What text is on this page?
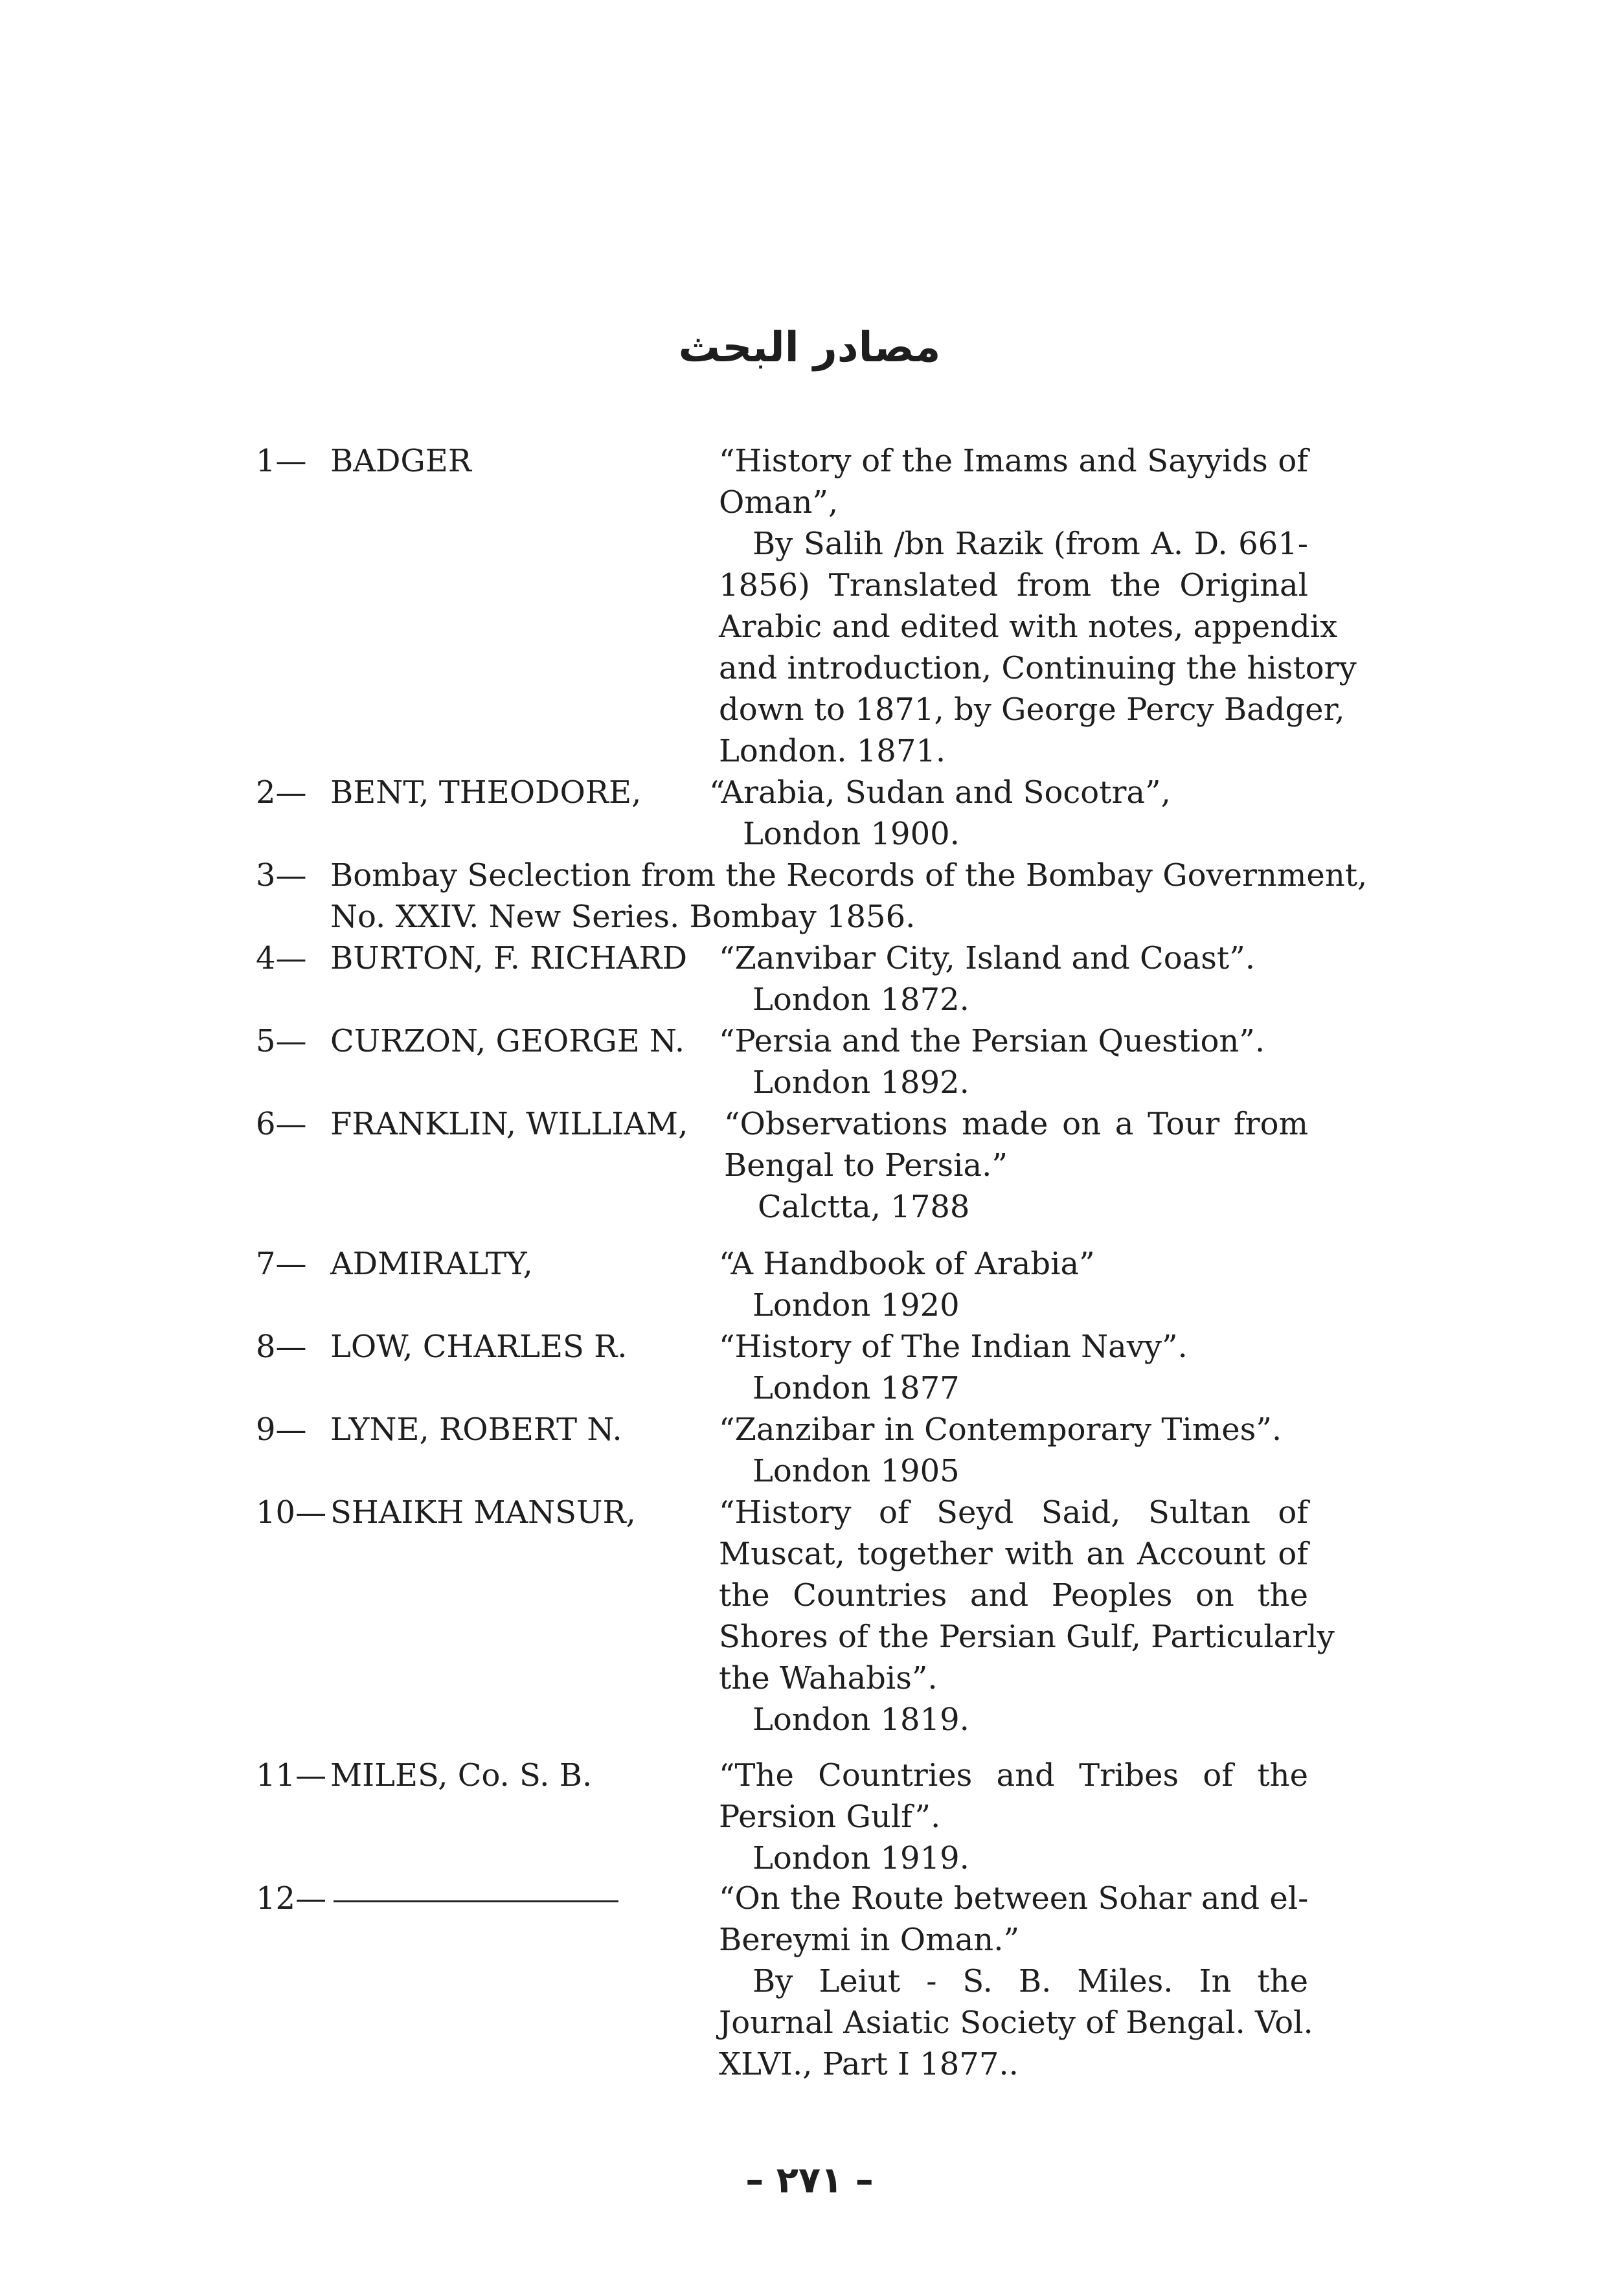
مصادر البحث
1— BADGER	“History of the Imams and Sayyids of
Oman”,
By Salih /bn Razik (from A. D. 661-
1856) Translated from the Original
Arabic and edited with notes, appendix
and introduction, Continuing the history
down to 1871, by George Percy Badger,
London. 1871.
2— BENT, THEODORE, “Arabia, Sudan and Socotra”,
London 1900.
3— Bombay Seclection from the Records of the Bombay Government,
No. XXIV. New Series. Bombay 1856.
4— BURTON, F. RICHARD “Zanvibar City, Island and Coast”.
London 1872.
5— CURZON, GEORGE N. “Persia and the Persian Question”.
London 1892.
6— FRANKLIN, WILLIAM, “Observations made on a Tour from
Bengal to Persia.”
Calctta, 1788
7— ADMIRALTY,	“A Handbook of Arabia”
London 1920
8— LOW, CHARLES R.	“History of The Indian Navy”.
London 1877
9— LYNE, ROBERT N.	“Zanzibar in Contemporary Times”.
London 1905
10— SHAIKH MANSUR,	“History of Seyd Said, Sultan of
Muscat, together with an Account of
the Countries and Peoples on the
Shores of the Persian Gulf, Particularly
the Wahabis”.
London 1819.
11— MILES, Co. S. B.	“The Countries and Tribes of the
Persion Gulf”.
London 1919.
12—	“On the Route between Sohar and el-
Bereymi in Oman.”
By Leiut - S. B. Miles. In the
Journal Asiatic Society of Bengal. Vol.
XLVI., Part I 1877..
– ٢٧١ –
